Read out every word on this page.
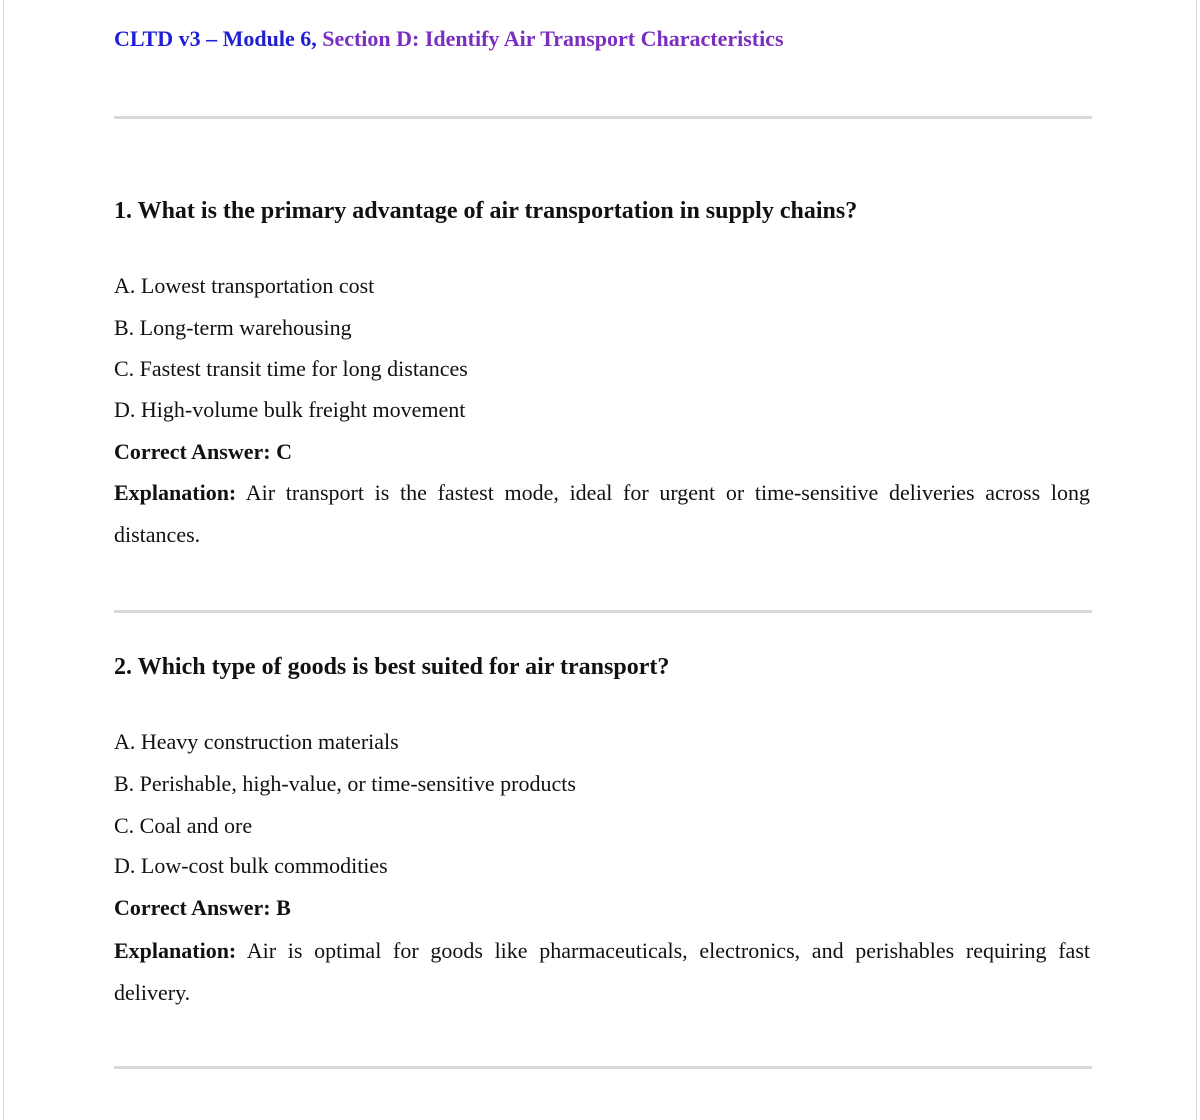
CLTD v3 – Module 6, Section D: Identify Air Transport Characteristics
1. What is the primary advantage of air transportation in supply chains?
A. Lowest transportation cost
B. Long-term warehousing
C. Fastest transit time for long distances
D. High-volume bulk freight movement
Correct Answer: C
Explanation: Air transport is the fastest mode, ideal for urgent or time-sensitive deliveries across long distances.
2. Which type of goods is best suited for air transport?
A. Heavy construction materials
B. Perishable, high-value, or time-sensitive products
C. Coal and ore
D. Low-cost bulk commodities
Correct Answer: B
Explanation: Air is optimal for goods like pharmaceuticals, electronics, and perishables requiring fast delivery.
